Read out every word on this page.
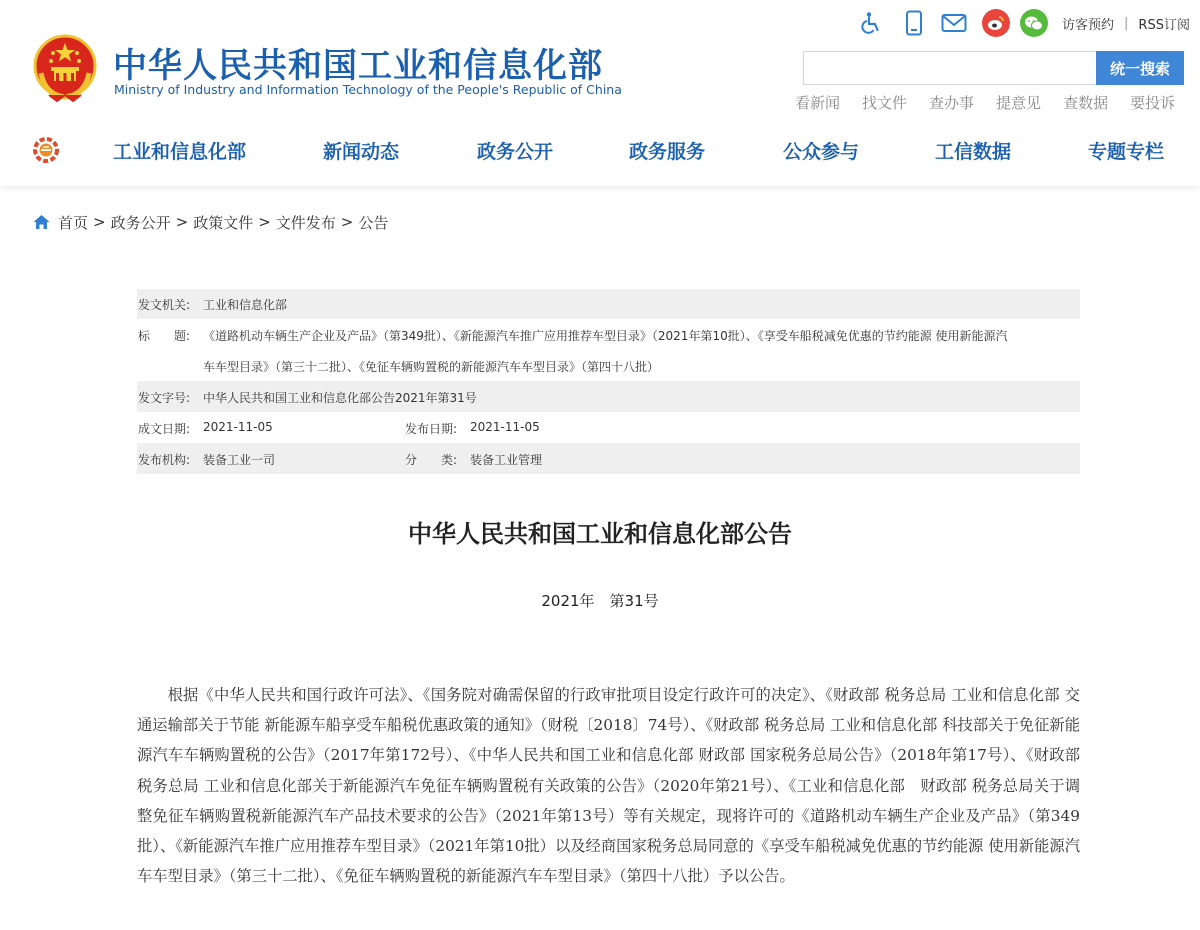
中华人民共和国工业和信息化部
Ministry of Industry and Information Technology of the People's Republic of China
访客预约 | RSS订阅
统一搜索
看新闻 找文件 查办事 提意见 查数据 要投诉
工业和信息化部	新闻动态	政务公开	政务服务	公众参与	工信数据	专题专栏
首页 > 政务公开 > 政策文件 > 文件发布 > 公告
发文机关: 工业和信息化部
标　　题: 《道路机动车辆生产企业及产品》（第349批）、《新能源汽车推广应用推荐车型目录》（2021年第10批）、《享受车船税减免优惠的节约能源 使用新能源汽
车车型目录》（第三十二批）、《免征车辆购置税的新能源汽车车型目录》（第四十八批）
发文字号: 中华人民共和国工业和信息化部公告2021年第31号
成文日期: 2021-11-05	发布日期: 2021-11-05
发布机构: 装备工业一司	分　　类: 装备工业管理
中华人民共和国工业和信息化部公告
2021年　第31号

根据《中华人民共和国行政许可法》、《国务院对确需保留的行政审批项目设定行政许可的决定》、《财政部 税务总局 工业和信息化部 交通运输部关于节能 新能源车船享受车船税优惠政策的通知》（财税〔2018〕74号）、《财政部 税务总局 工业和信息化部 科技部关于免征新能源汽车车辆购置税的公告》（2017年第172号）、《中华人民共和国工业和信息化部 财政部 国家税务总局公告》（2018年第17号）、《财政部 税务总局 工业和信息化部关于新能源汽车免征车辆购置税有关政策的公告》（2020年第21号）、《工业和信息化部　财政部 税务总局关于调整免征车辆购置税新能源汽车产品技术要求的公告》（2021年第13号）等有关规定，现将许可的《道路机动车辆生产企业及产品》（第349批）、《新能源汽车推广应用推荐车型目录》（2021年第10批）以及经商国家税务总局同意的《享受车船税减免优惠的节约能源 使用新能源汽车车型目录》（第三十二批）、《免征车辆购置税的新能源汽车车型目录》（第四十八批）予以公告。
